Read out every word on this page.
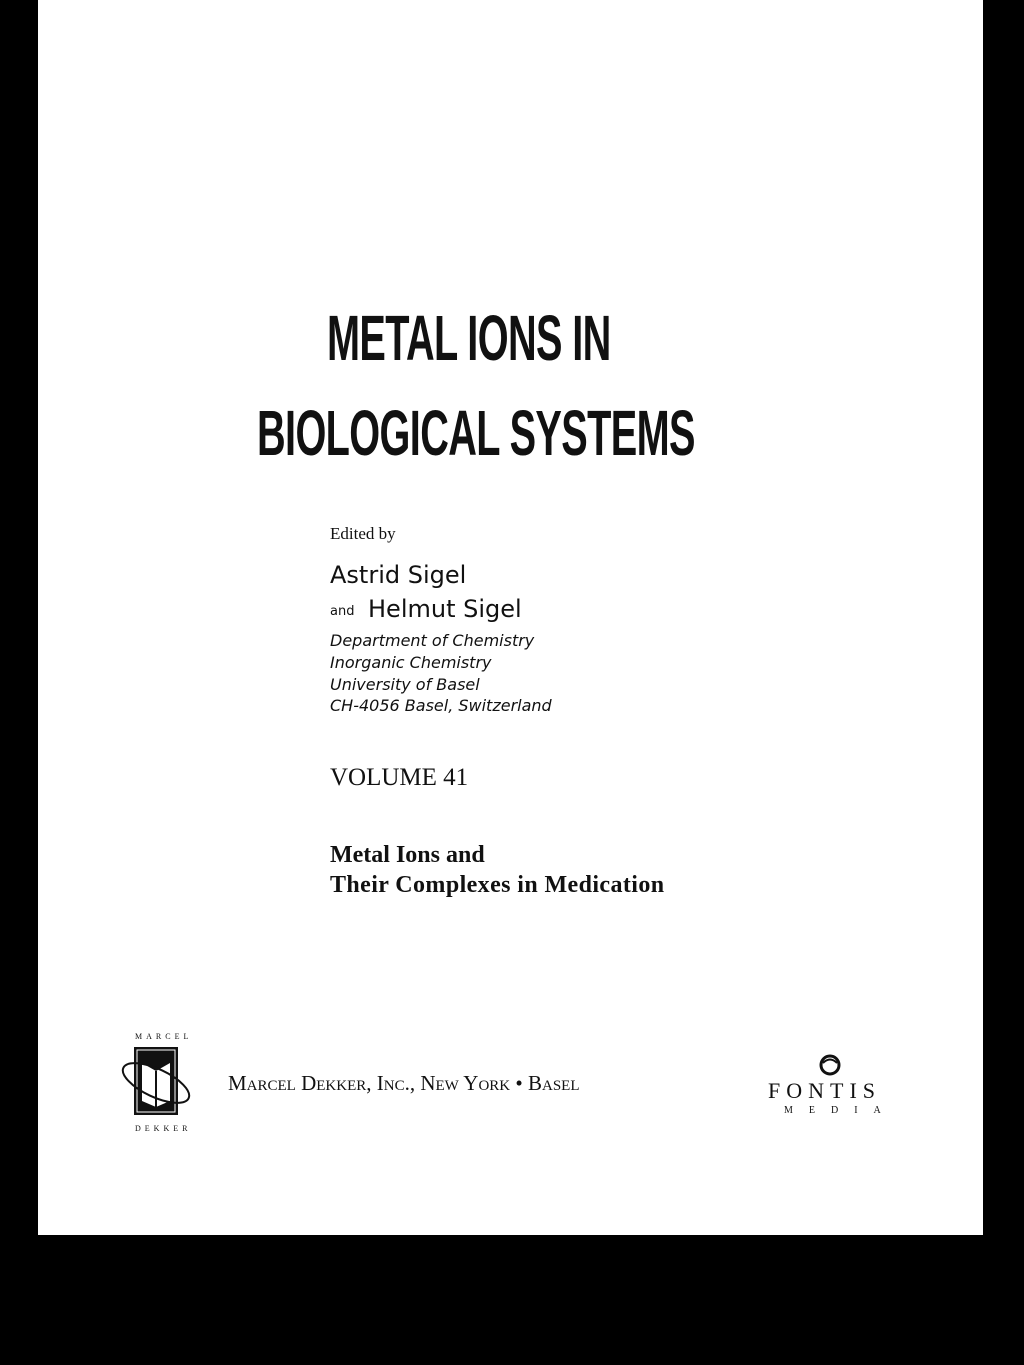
METAL IONS IN
BIOLOGICAL SYSTEMS
Edited by
Astrid Sigel
and Helmut Sigel
Department of Chemistry
Inorganic Chemistry
University of Basel
CH-4056 Basel, Switzerland
VOLUME 41
Metal Ions and
Their Complexes in Medication
MARCEL
DEKKER
Marcel Dekker, Inc., New York • Basel	FONTIS
MEDIA
